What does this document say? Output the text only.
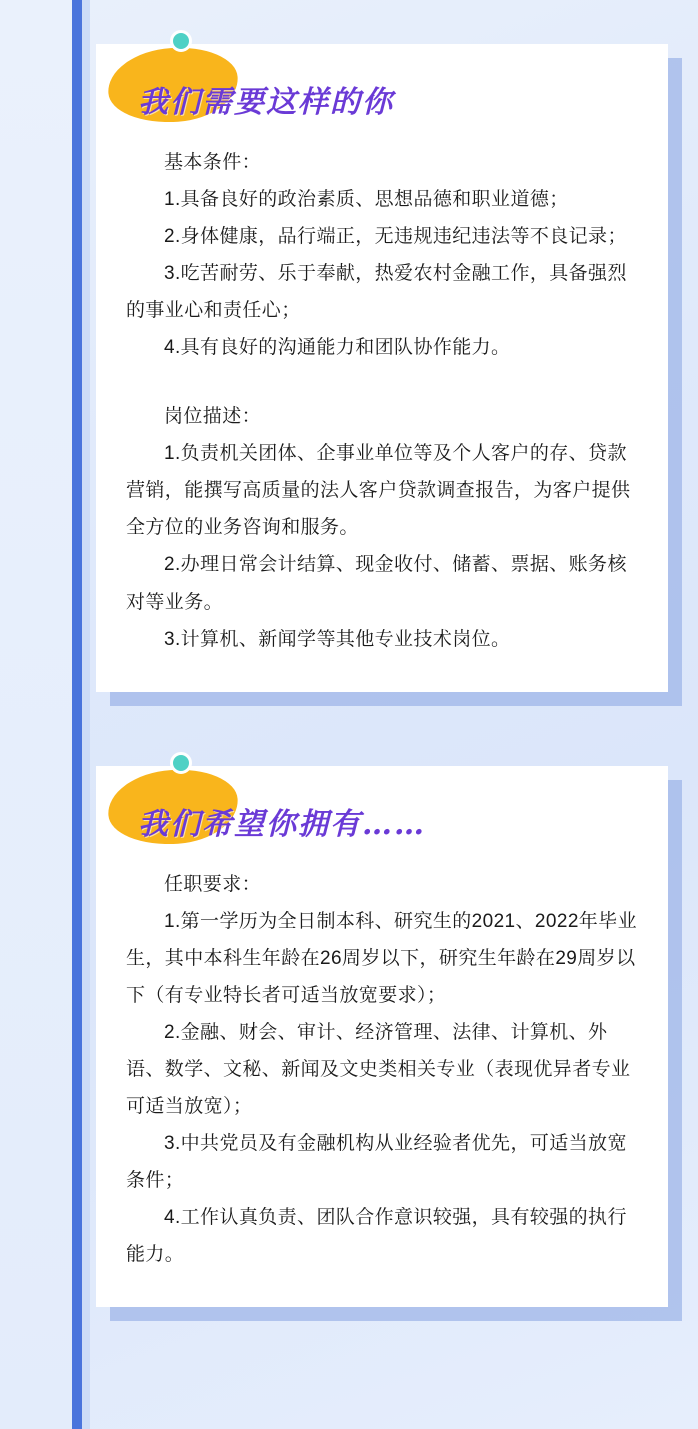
我们需要这样的你

基本条件：

1.具备良好的政治素质、思想品德和职业道德；

2.身体健康，品行端正，无违规违纪违法等不良记录；

3.吃苦耐劳、乐于奉献，热爱农村金融工作，具备强烈的事业心和责任心；

4.具有良好的沟通能力和团队协作能力。

岗位描述：

1.负责机关团体、企事业单位等及个人客户的存、贷款营销，能撰写高质量的法人客户贷款调查报告，为客户提供全方位的业务咨询和服务。

2.办理日常会计结算、现金收付、储蓄、票据、账务核对等业务。

3.计算机、新闻学等其他专业技术岗位。

我们希望你拥有……

任职要求：

1.第一学历为全日制本科、研究生的2021、2022年毕业生，其中本科生年龄在26周岁以下，研究生年龄在29周岁以下（有专业特长者可适当放宽要求）；

2.金融、财会、审计、经济管理、法律、计算机、外语、数学、文秘、新闻及文史类相关专业（表现优异者专业可适当放宽）；

3.中共党员及有金融机构从业经验者优先，可适当放宽条件；

4.工作认真负责、团队合作意识较强，具有较强的执行能力。
